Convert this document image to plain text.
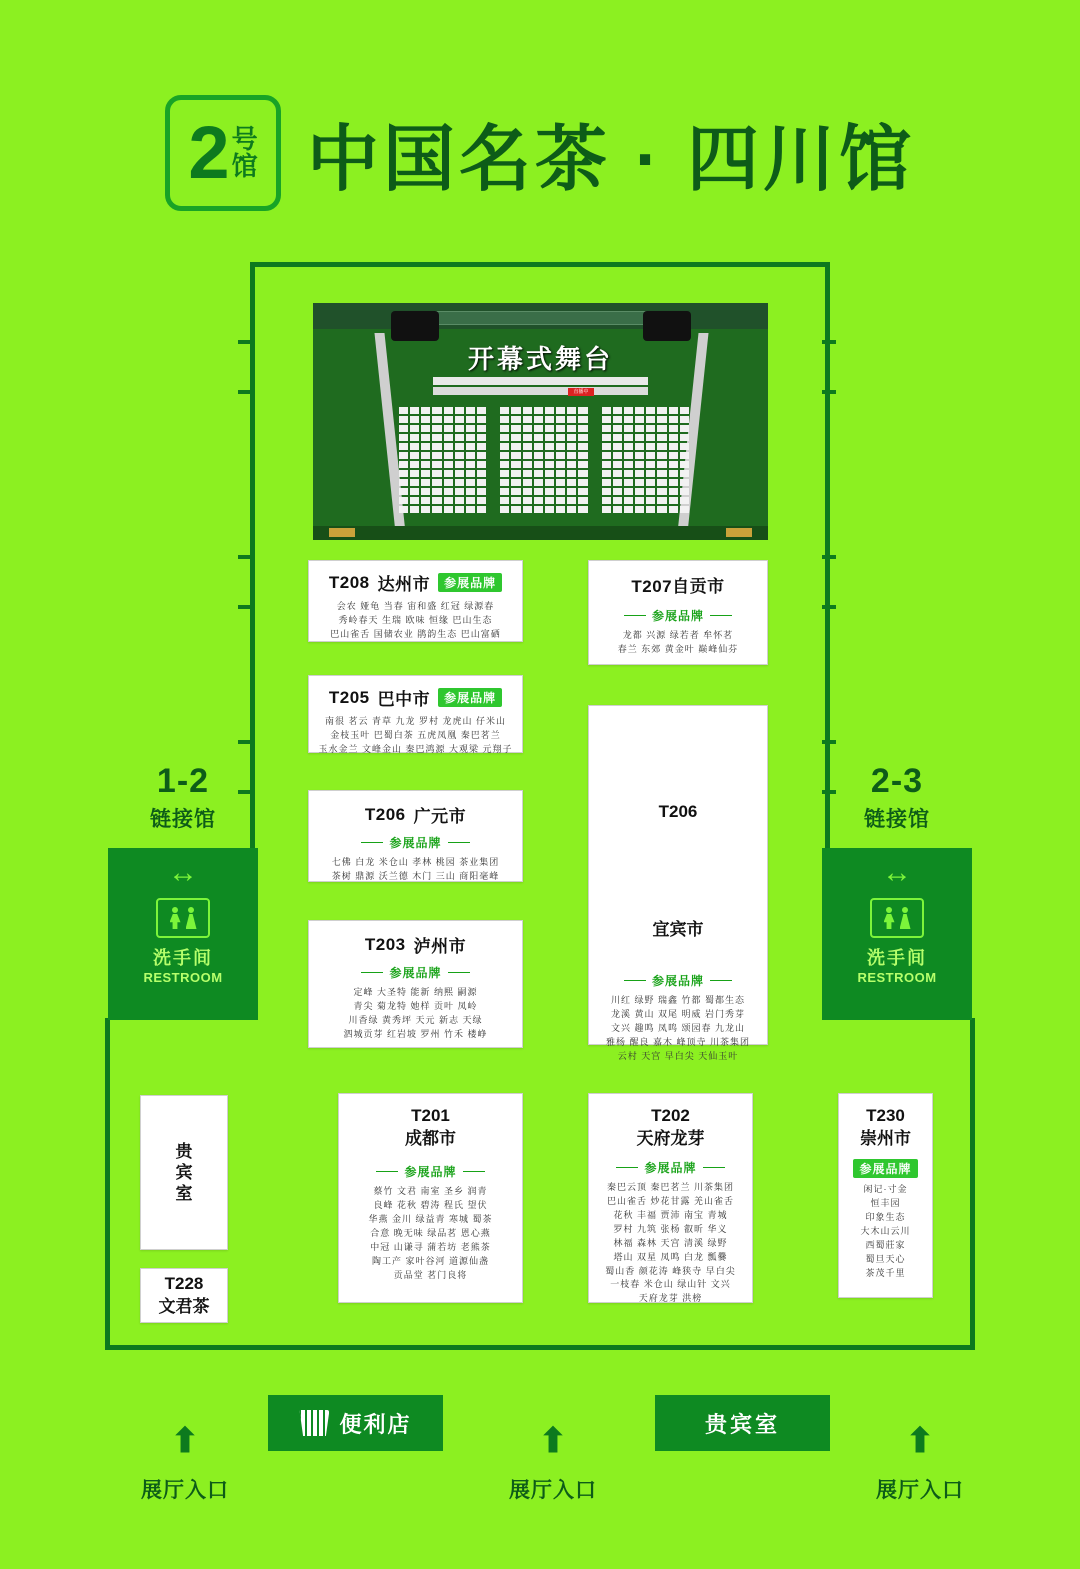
2 号
馆 中国名茶 · 四川馆
开幕式舞台
直播中
T208 达州市	参展品牌
会农 娅龟 当春 宙和盛 红冠 绿源春
秀岭春天 生瑞 欧味 恒缘 巴山生态
巴山雀舌 国储农业 鹃韵生态 巴山富硒
T207自贡市
参展品牌
龙都 兴源 绿若者 牟怀茗
春兰 东郊 黄金叶 巅峰仙芬
T205 巴中市	参展品牌
南很 茗云 青草 九龙 罗村 龙虎山 仔米山
金枝玉叶 巴蜀白茶 五虎凤凰 秦巴茗兰
玉水金兰 文峰金山 秦巴鸿源 大观梁 元翔子
T206 广元市
参展品牌
七佛 白龙 米仓山 孝林 桃园 茶业集团
茶树 鼎源 沃兰德 木门 三山 商阳毫峰
T203 泸州市
参展品牌
定峰 大圣特 能新 纳熙 嗣源
青尖 菊龙特 她样 贡叶 凤岭
川香绿 黄秀坪 天元 新志 天绿
泗城贡芽 红岩坡 罗州 竹禾 楼峥
T206
宜宾市
参展品牌
川红 绿野 瑞鑫 竹都 蜀都生态
龙溪 黄山 双尾 明威 岩门秀芽
文兴 趣鸣 凤鸣 颂园春 九龙山
雅杨 醒良 嘉木 峰顶寺 川茶集团
云村 天宫 早白尖 天仙玉叶
T201
成都市
参展品牌
蔡竹 文君 南室 圣乡 润青
良峰 花秋 碧涛 程氏 望伏
华燕 金川 绿益青 寒城 蜀茶
合意 晚无味 绿品茗 恩心燕
中冠 山谦寻 蒲若坊 老熊茶
陶工产 家叶谷河 道源仙盏
贡品堂 茗门良将
T202
天府龙芽
参展品牌
秦巴云顶 秦巴茗兰 川茶集团
巴山雀舌 炒花甘露 羌山雀舌
花秋 丰福 贾沛 南宝 青城
罗村 九筑 张杨 叡昕 华义
林福 森林 天宫 清溪 绿野
塔山 双星 凤鸣 白龙 瓢爨
蜀山香 颜花涛 峰狭寺 早白尖
一枝春 米仓山 绿山针 文兴
天府龙芽 洪榜
T230
崇州市
参展品牌
闲记·寸金
恒丰园
印象生态
大木山云川
西蜀莊家
蜀旦天心
茶茂千里
贵
宾
室
T228
文君茶
1-2
链接馆
2-3
链接馆
↔
洗手间
RESTROOM
↔
洗手间
RESTROOM
便利店	贵宾室
⬆
展厅入口
⬆
展厅入口
⬆
展厅入口
